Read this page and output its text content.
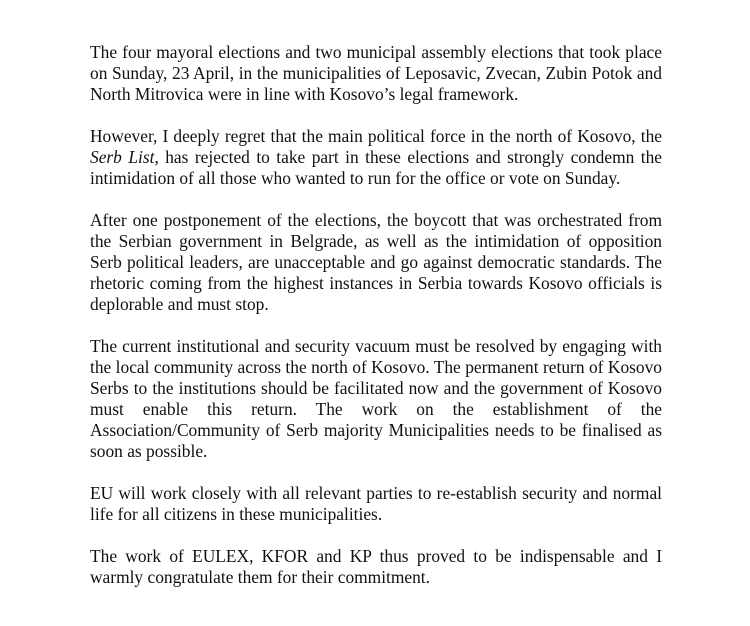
The four mayoral elections and two municipal assembly elections that took place on Sunday, 23 April, in the municipalities of Leposavic, Zvecan, Zubin Potok and North Mitrovica were in line with Kosovo’s legal framework.

However, I deeply regret that the main political force in the north of Kosovo, the Serb List, has rejected to take part in these elections and strongly condemn the intimidation of all those who wanted to run for the office or vote on Sunday.

After one postponement of the elections, the boycott that was orchestrated from the Serbian government in Belgrade, as well as the intimidation of opposition Serb political leaders, are unacceptable and go against democratic standards. The rhetoric coming from the highest instances in Serbia towards Kosovo officials is deplorable and must stop.

The current institutional and security vacuum must be resolved by engaging with the local community across the north of Kosovo. The permanent return of Kosovo Serbs to the institutions should be facilitated now and the government of Kosovo must enable this return. The work on the establishment of the Association/Community of Serb majority Municipalities needs to be finalised as soon as possible.

EU will work closely with all relevant parties to re-establish security and normal life for all citizens in these municipalities.

The work of EULEX, KFOR and KP thus proved to be indispensable and I warmly congratulate them for their commitment.
